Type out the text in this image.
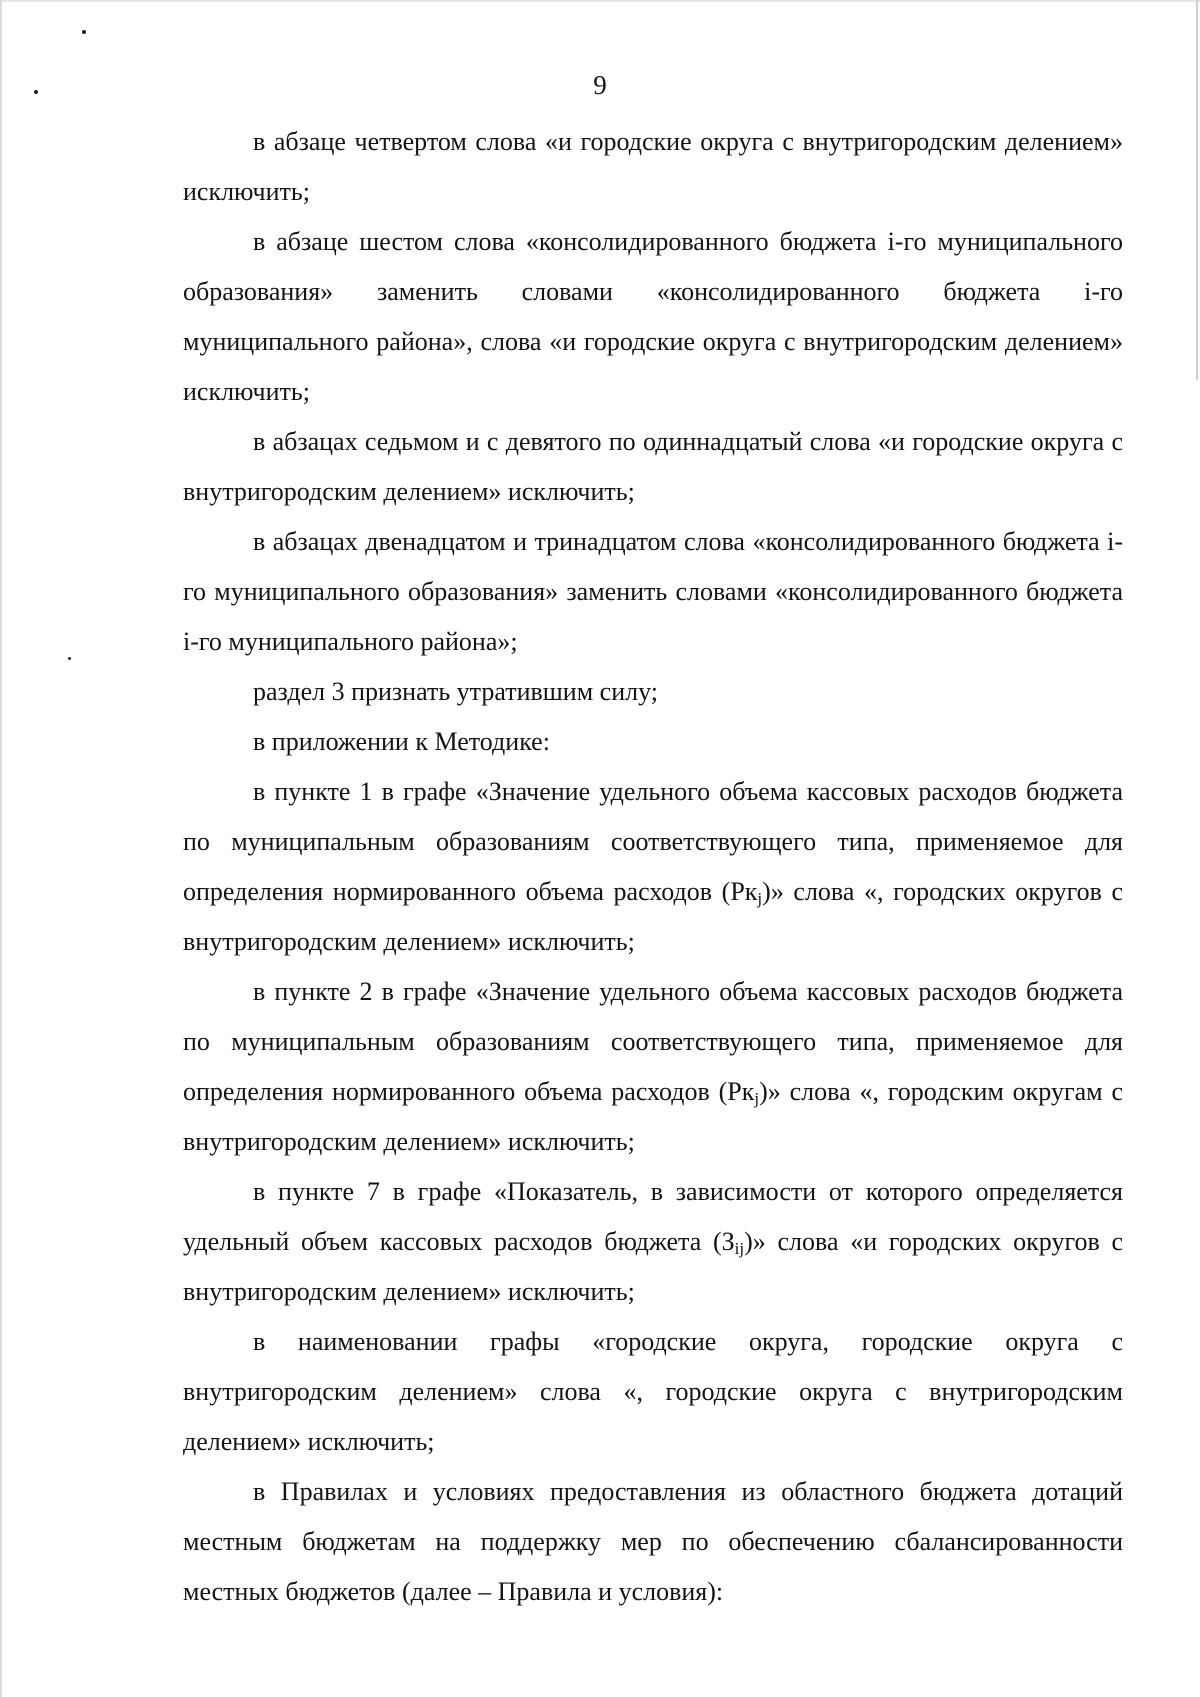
9

в абзаце четвертом слова «и городские округа с внутригородским делением» исключить;

в абзаце шестом слова «консолидированного бюджета i-го муниципального образования» заменить словами «консолидированного бюджета i-го муниципального района», слова «и городские округа с внутригородским делением» исключить;

в абзацах седьмом и с девятого по одиннадцатый слова «и городские округа с внутригородским делением» исключить;

в абзацах двенадцатом и тринадцатом слова «консолидированного бюджета i-го муниципального образования» заменить словами «консолидированного бюджета i-го муниципального района»;

раздел 3 признать утратившим силу;

в приложении к Методике:

в пункте 1 в графе «Значение удельного объема кассовых расходов бюджета по муниципальным образованиям соответствующего типа, применяемое для определения нормированного объема расходов $(Рк_j)$» слова «, городских округов с внутригородским делением» исключить;

в пункте 2 в графе «Значение удельного объема кассовых расходов бюджета по муниципальным образованиям соответствующего типа, применяемое для определения нормированного объема расходов $(Рк_j)$» слова «, городским округам с внутригородским делением» исключить;

в пункте 7 в графе «Показатель, в зависимости от которого определяется удельный объем кассовых расходов бюджета $(З_{ij})$» слова «и городских округов с внутригородским делением» исключить;

в наименовании графы «городские округа, городские округа с внутригородским делением» слова «, городские округа с внутригородским делением» исключить;

в Правилах и условиях предоставления из областного бюджета дотаций местным бюджетам на поддержку мер по обеспечению сбалансированности местных бюджетов (далее – Правила и условия):
